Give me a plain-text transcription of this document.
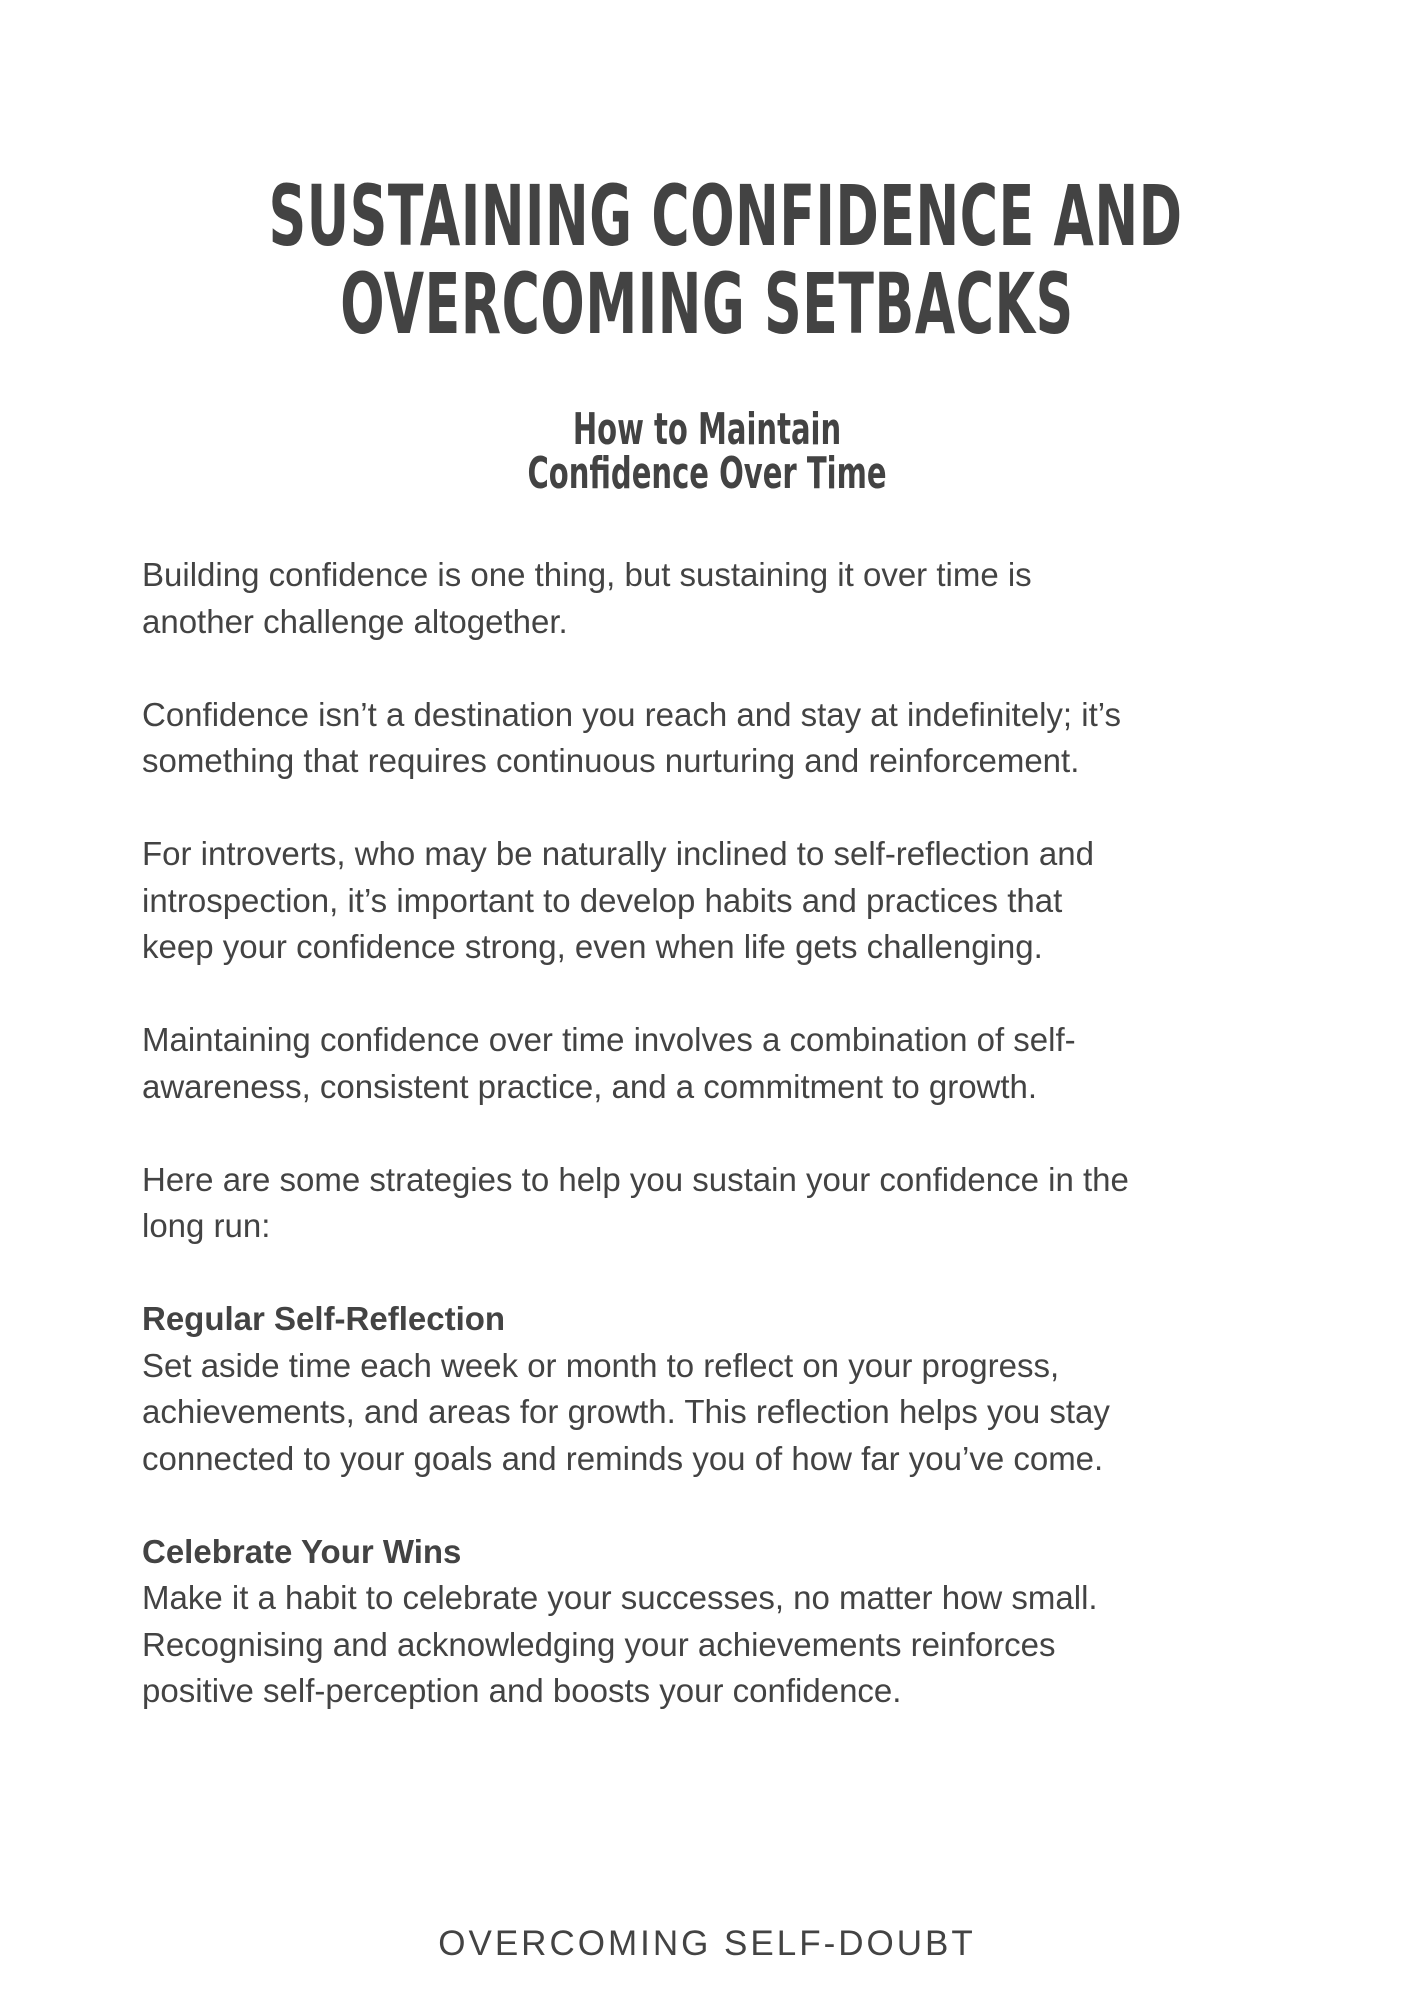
SUSTAINING CONFIDENCE AND
OVERCOMING SETBACKS
How to Maintain
Confidence Over Time

Building confidence is one thing, but sustaining it over time is
another challenge altogether.

Confidence isn’t a destination you reach and stay at indefinitely; it’s
something that requires continuous nurturing and reinforcement.

For introverts, who may be naturally inclined to self-reflection and
introspection, it’s important to develop habits and practices that
keep your confidence strong, even when life gets challenging.

Maintaining confidence over time involves a combination of self-
awareness, consistent practice, and a commitment to growth.

Here are some strategies to help you sustain your confidence in the
long run:

Regular Self-Reflection
Set aside time each week or month to reflect on your progress,
achievements, and areas for growth. This reflection helps you stay
connected to your goals and reminds you of how far you’ve come.

Celebrate Your Wins
Make it a habit to celebrate your successes, no matter how small.
Recognising and acknowledging your achievements reinforces
positive self-perception and boosts your confidence.

OVERCOMING SELF-DOUBT
